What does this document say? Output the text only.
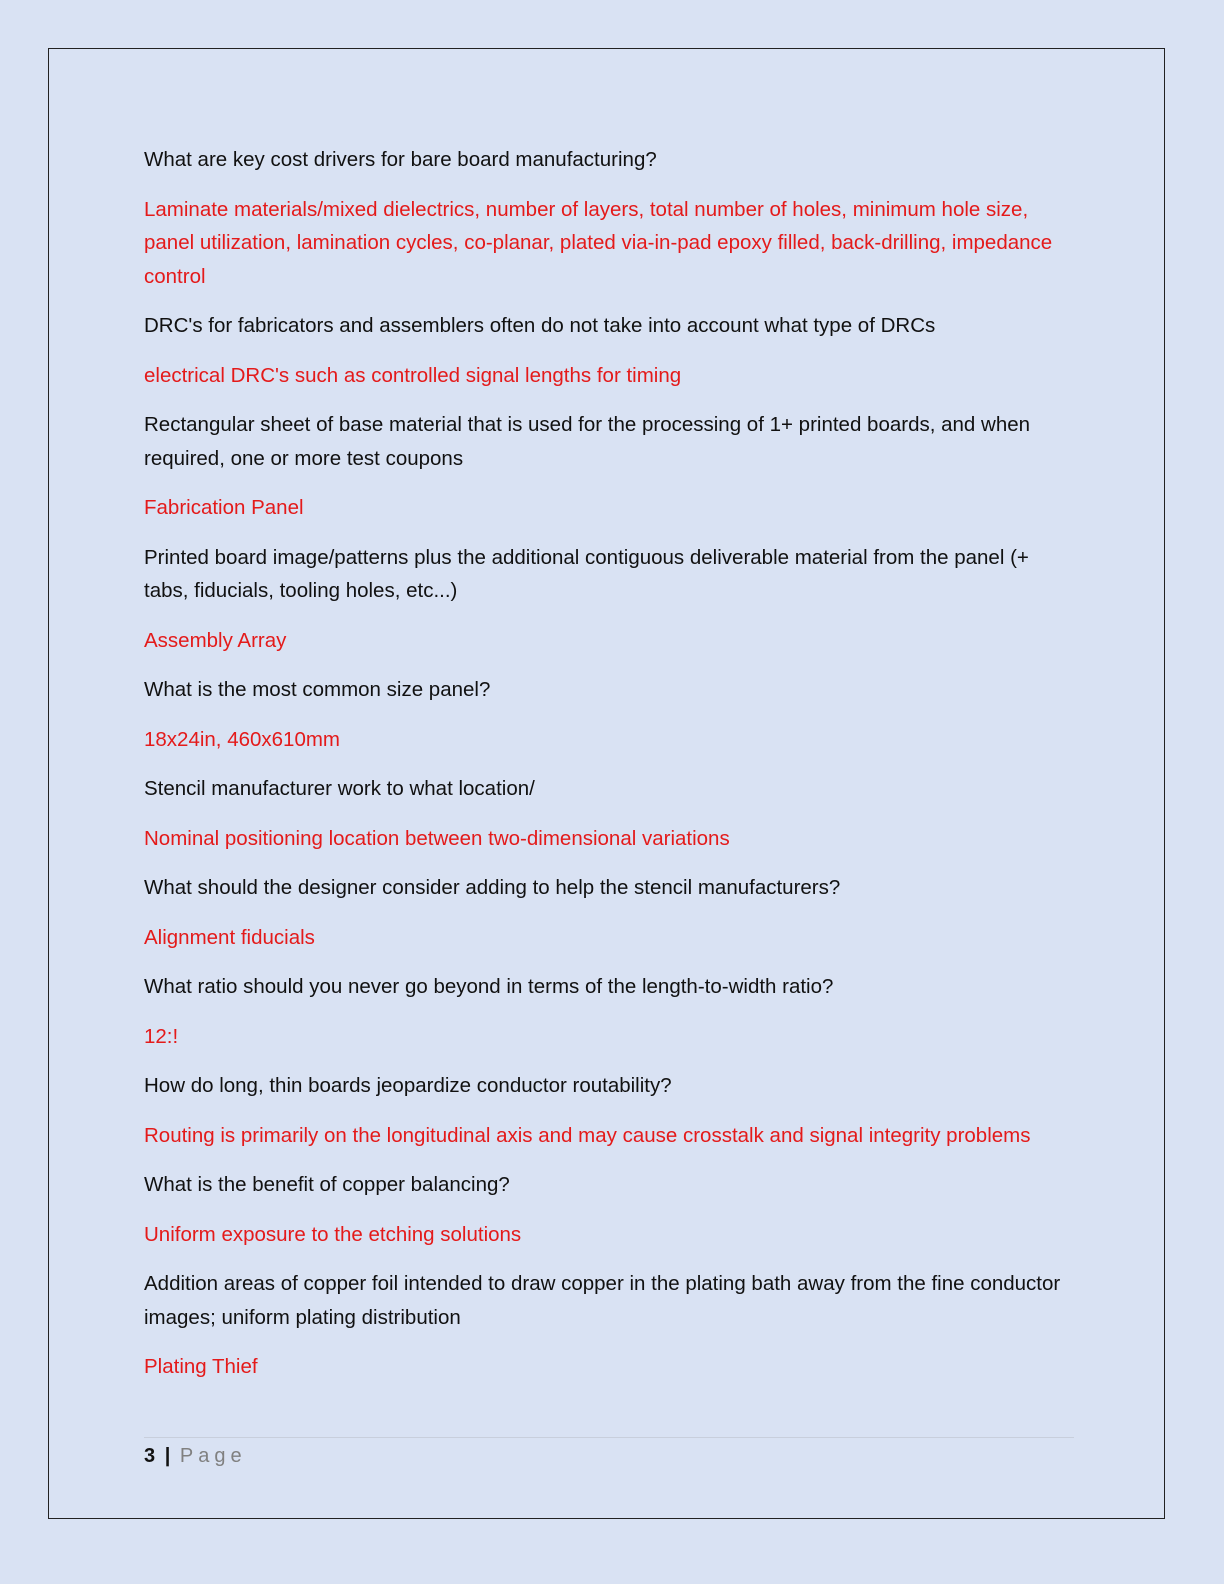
What are key cost drivers for bare board manufacturing?

Laminate materials/mixed dielectrics, number of layers, total number of holes, minimum hole size, panel utilization, lamination cycles, co-planar, plated via-in-pad epoxy filled, back-drilling, impedance control

DRC's for fabricators and assemblers often do not take into account what type of DRCs

electrical DRC's such as controlled signal lengths for timing

Rectangular sheet of base material that is used for the processing of 1+ printed boards, and when required, one or more test coupons

Fabrication Panel

Printed board image/patterns plus the additional contiguous deliverable material from the panel (+ tabs, fiducials, tooling holes, etc...)

Assembly Array

What is the most common size panel?

18x24in, 460x610mm

Stencil manufacturer work to what location/

Nominal positioning location between two-dimensional variations

What should the designer consider adding to help the stencil manufacturers?

Alignment fiducials

What ratio should you never go beyond in terms of the length-to-width ratio?

12:!

How do long, thin boards jeopardize conductor routability?

Routing is primarily on the longitudinal axis and may cause crosstalk and signal integrity problems

What is the benefit of copper balancing?

Uniform exposure to the etching solutions

Addition areas of copper foil intended to draw copper in the plating bath away from the fine conductor images; uniform plating distribution

Plating Thief

3 | Page
